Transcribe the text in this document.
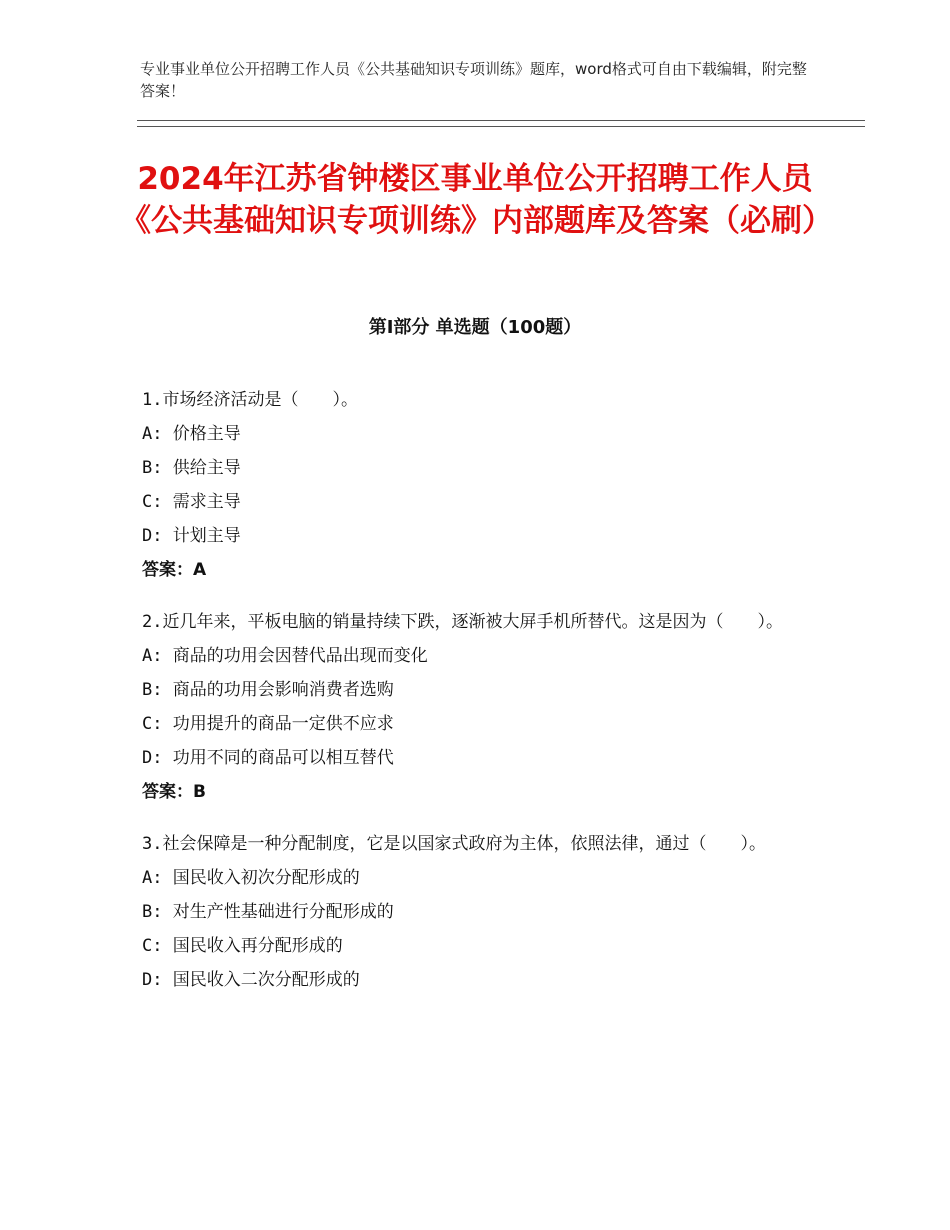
专业事业单位公开招聘工作人员《公共基础知识专项训练》题库，word格式可自由下载编辑，附完整答案！
2024年江苏省钟楼区事业单位公开招聘工作人员《公共基础知识专项训练》内部题库及答案（必刷）
第Ⅰ部分 单选题（100题）

1.市场经济活动是（　　）。

A: 价格主导

B: 供给主导

C: 需求主导

D: 计划主导

答案：A

2.近几年来，平板电脑的销量持续下跌，逐渐被大屏手机所替代。这是因为（　　）。

A: 商品的功用会因替代品出现而变化

B: 商品的功用会影响消费者选购

C: 功用提升的商品一定供不应求

D: 功用不同的商品可以相互替代

答案：B

3.社会保障是一种分配制度，它是以国家式政府为主体，依照法律，通过（　　）。

A: 国民收入初次分配形成的

B: 对生产性基础进行分配形成的

C: 国民收入再分配形成的

D: 国民收入二次分配形成的
